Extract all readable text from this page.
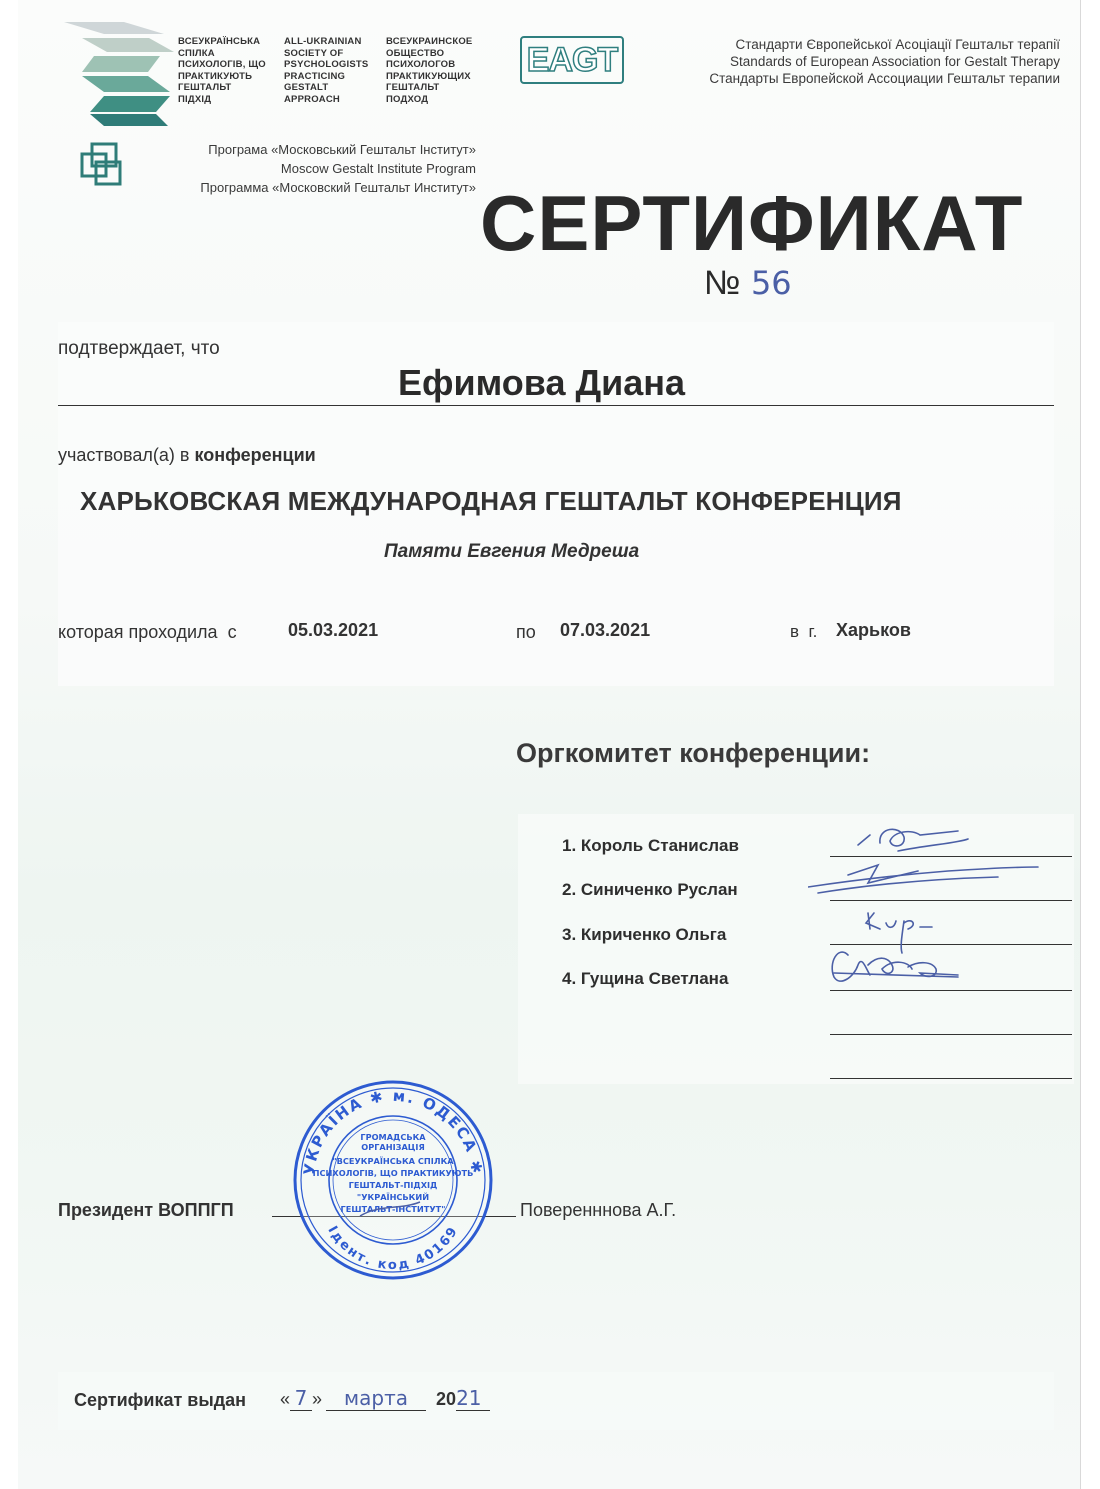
ВСЕУКРАЇНСЬКА
СПІЛКА
ПСИХОЛОГІВ, ЩО
ПРАКТИКУЮТЬ
ГЕШТАЛЬТ
ПІДХІД
ALL-UKRAINIAN
SOCIETY OF
PSYCHOLOGISTS
PRACTICING
GESTALT
APPROACH
ВСЕУКРАИНСКОЕ
ОБЩЕСТВО
ПСИХОЛОГОВ
ПРАКТИКУЮЩИХ
ГЕШТАЛЬТ
ПОДХОД
EAGT	Стандарти Європейської Асоціації Гештальт терапії
Standards of European Association for Gestalt Therapy
Стандарты Европейской Ассоциации Гештальт терапии
Програма «Московський Гештальт Інститут»
Moscow Gestalt Institute Program
Программа «Московский Гештальт Институт» СЕРТИФИКАТ
№ 56
подтверждает, что
Ефимова Диана
участвовал(а) в конференции
ХАРЬКОВСКАЯ МЕЖДУНАРОДНАЯ ГЕШТАЛЬТ КОНФЕРЕНЦИЯ
Памяти Евгения Медреша
которая проходила  с	05.03.2021	по 07.03.2021	в  г. Харьков
Оргкомитет конференции:
1. Король Станислав
2. Синиченко Руслан
3. Кириченко Ольга
4. Гущина Светлана
Президент ВОППГП	Поверенннова А.Г.
УКРАЇНА ✱ м. ОДЕСА ✱
Ідент. код 40169
ГРОМАДСЬКА
ОРГАНІЗАЦІЯ
"ВСЕУКРАЇНСЬКА СПІЛКА
ПСИХОЛОГІВ, ЩО ПРАКТИКУЮТЬ
ГЕШТАЛЬТ-ПІДХІД
"УКРАЇНСЬКИЙ
ГЕШТАЛЬТ-ІНСТИТУТ"
Сертификат выдан « 7 » марта 2021
